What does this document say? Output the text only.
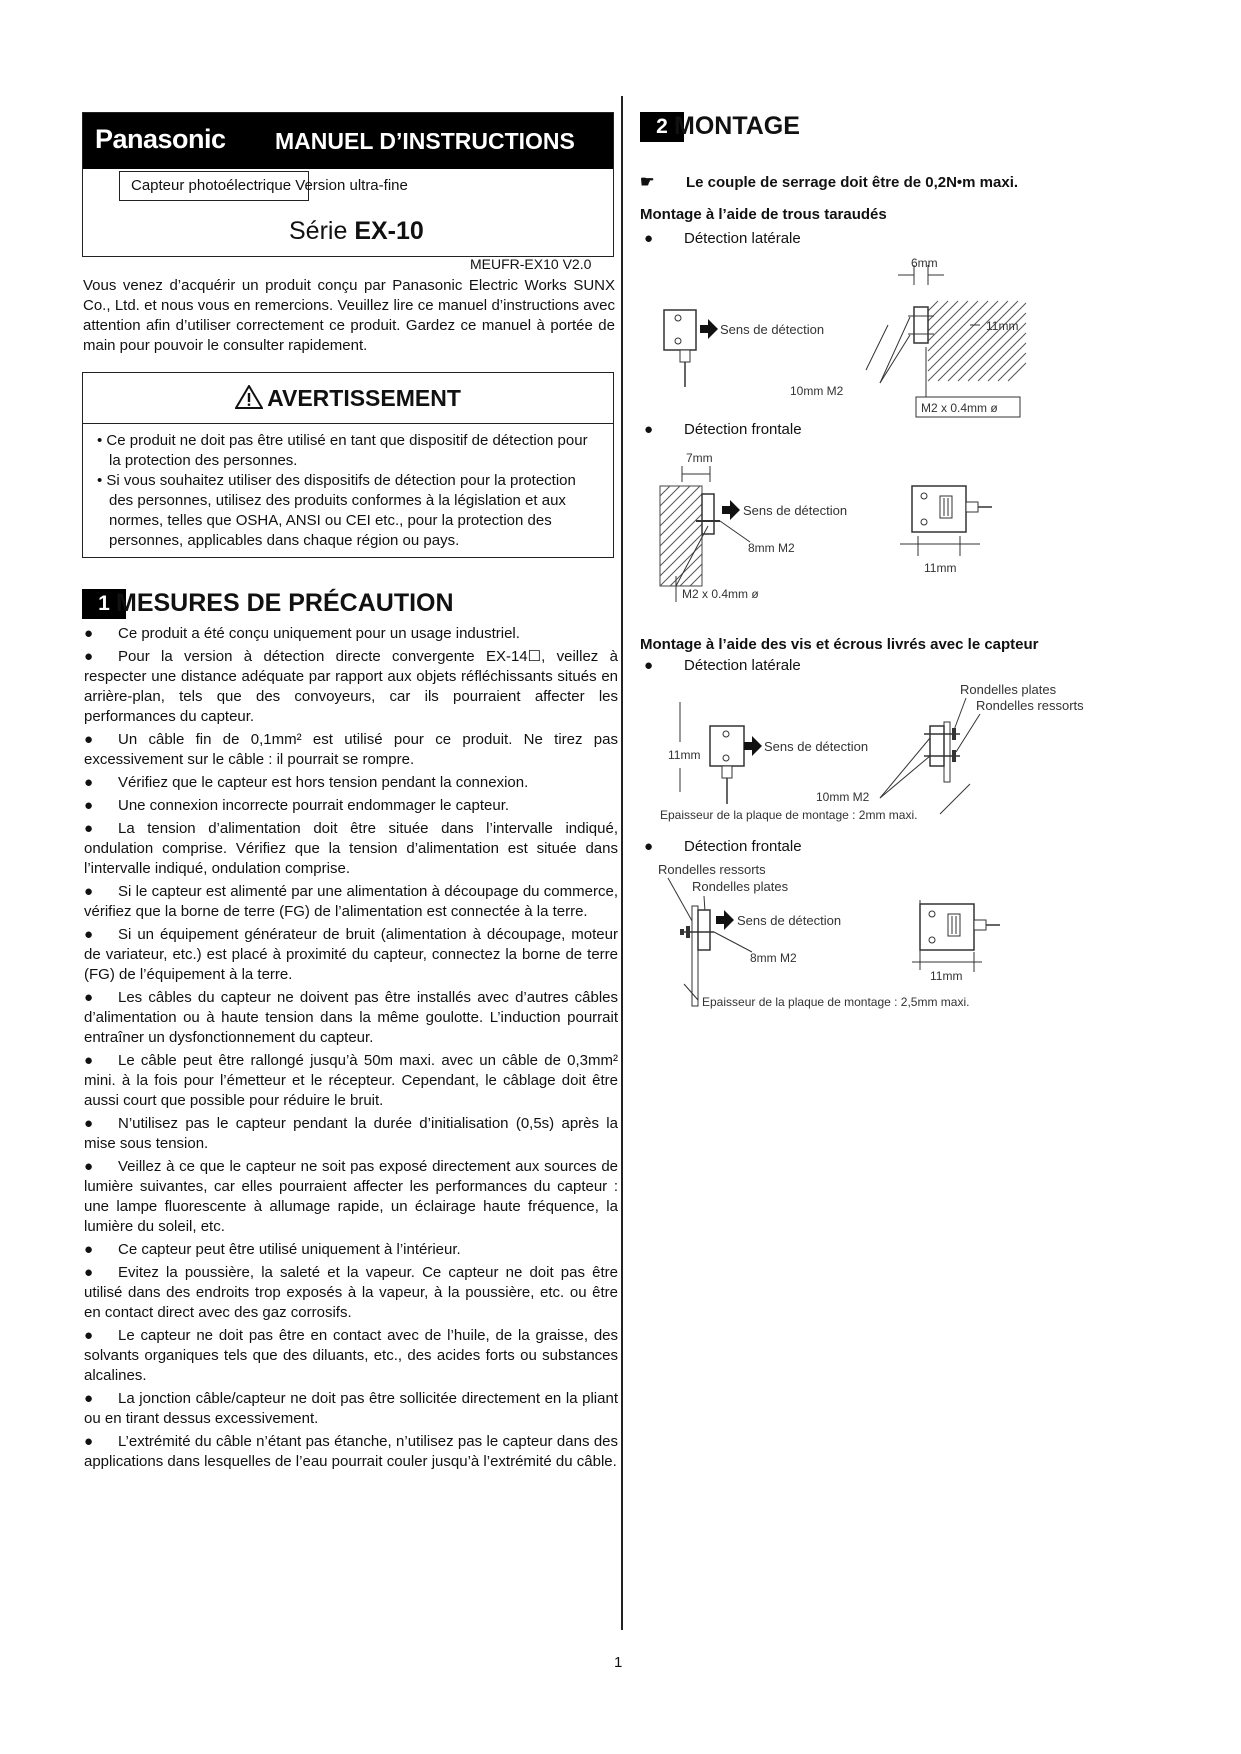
Panasonic MANUEL D’INSTRUCTIONS
Capteur photoélectrique Version ultra-fine
Série EX-10
MEUFR-EX10 V2.0
Vous venez d’acquérir un produit conçu par Panasonic Electric Works SUNX Co., Ltd. et nous vous en remercions. Veuillez lire ce manuel d’instructions avec attention afin d’utiliser correctement ce produit. Gardez ce manuel à portée de main pour pouvoir le consulter rapidement.
AVERTISSEMENT
• Ce produit ne doit pas être utilisé en tant que dispositif de détection pour la protection des personnes.
• Si vous souhaitez utiliser des dispositifs de détection pour la protection des personnes, utilisez des produits conformes à la législation et aux normes, telles que OSHA, ANSI ou CEI etc., pour la protection des personnes, applicables dans chaque région ou pays.
1 MESURES DE PRÉCAUTION
●	Ce produit a été conçu uniquement pour un usage industriel.
●	Pour la version à détection directe convergente EX-14☐, veillez à respecter une distance adéquate par rapport aux objets réfléchissants situés en arrière-plan, tels que des convoyeurs, car ils pourraient affecter les performances du capteur.
●	Un câble fin de 0,1mm² est utilisé pour ce produit. Ne tirez pas excessivement sur le câble : il pourrait se rompre.
●	Vérifiez que le capteur est hors tension pendant la connexion.
●	Une connexion incorrecte pourrait endommager le capteur.
●	La tension d’alimentation doit être située dans l’intervalle indiqué, ondulation comprise. Vérifiez que la tension d’alimentation est située dans l’intervalle indiqué, ondulation comprise.
●	Si le capteur est alimenté par une alimentation à découpage du commerce, vérifiez que la borne de terre (FG) de l’alimentation est connectée à la terre.
●	Si un équipement générateur de bruit (alimentation à découpage, moteur de variateur, etc.) est placé à proximité du capteur, connectez la borne de terre (FG) de l’équipement à la terre.
●	Les câbles du capteur ne doivent pas être installés avec d’autres câbles d’alimentation ou à haute tension dans la même goulotte. L’induction pourrait entraîner un dysfonctionnement du capteur.
●	Le câble peut être rallongé jusqu’à 50m maxi. avec un câble de 0,3mm² mini. à la fois pour l’émetteur et le récepteur. Cependant, le câblage doit être aussi court que possible pour réduire le bruit.
●	N’utilisez pas le capteur pendant la durée d’initialisation (0,5s) après la mise sous tension.
●	Veillez à ce que le capteur ne soit pas exposé directement aux sources de lumière suivantes, car elles pourraient affecter les performances du capteur : une lampe fluorescente à allumage rapide, un éclairage haute fréquence, la lumière du soleil, etc.
●	Ce capteur peut être utilisé uniquement à l’intérieur.
●	Evitez la poussière, la saleté et la vapeur. Ce capteur ne doit pas être utilisé dans des endroits trop exposés à la vapeur, à la poussière, etc. ou être en contact direct avec des gaz corrosifs.
●	Le capteur ne doit pas être en contact avec de l’huile, de la graisse, des solvants organiques tels que des diluants, etc., des acides forts ou substances alcalines.
●	La jonction câble/capteur ne doit pas être sollicitée directement en la pliant ou en tirant dessus excessivement.
●	L’extrémité du câble n’étant pas étanche, n’utilisez pas le capteur dans des applications dans lesquelles de l’eau pourrait couler jusqu’à l’extrémité du câble.
2 MONTAGE
☛ Le couple de serrage doit être de 0,2N•m maxi.
Montage à l’aide de trous taraudés
● Détection latérale
Sens de détection
6mm
11mm
10mm M2
M2 x 0.4mm ø
● Détection frontale
7mm
Sens de détection
8mm M2
M2 x 0.4mm ø
11mm
Montage à l’aide des vis et écrous livrés avec le capteur
● Détection latérale
11mm
Sens de détection
Rondelles plates
Rondelles ressorts
10mm M2
Epaisseur de la plaque de montage : 2mm maxi.
● Détection frontale
Rondelles ressorts
Rondelles plates
Sens de détection
8mm M2
Epaisseur de la plaque de montage : 2,5mm maxi.
11mm
1
